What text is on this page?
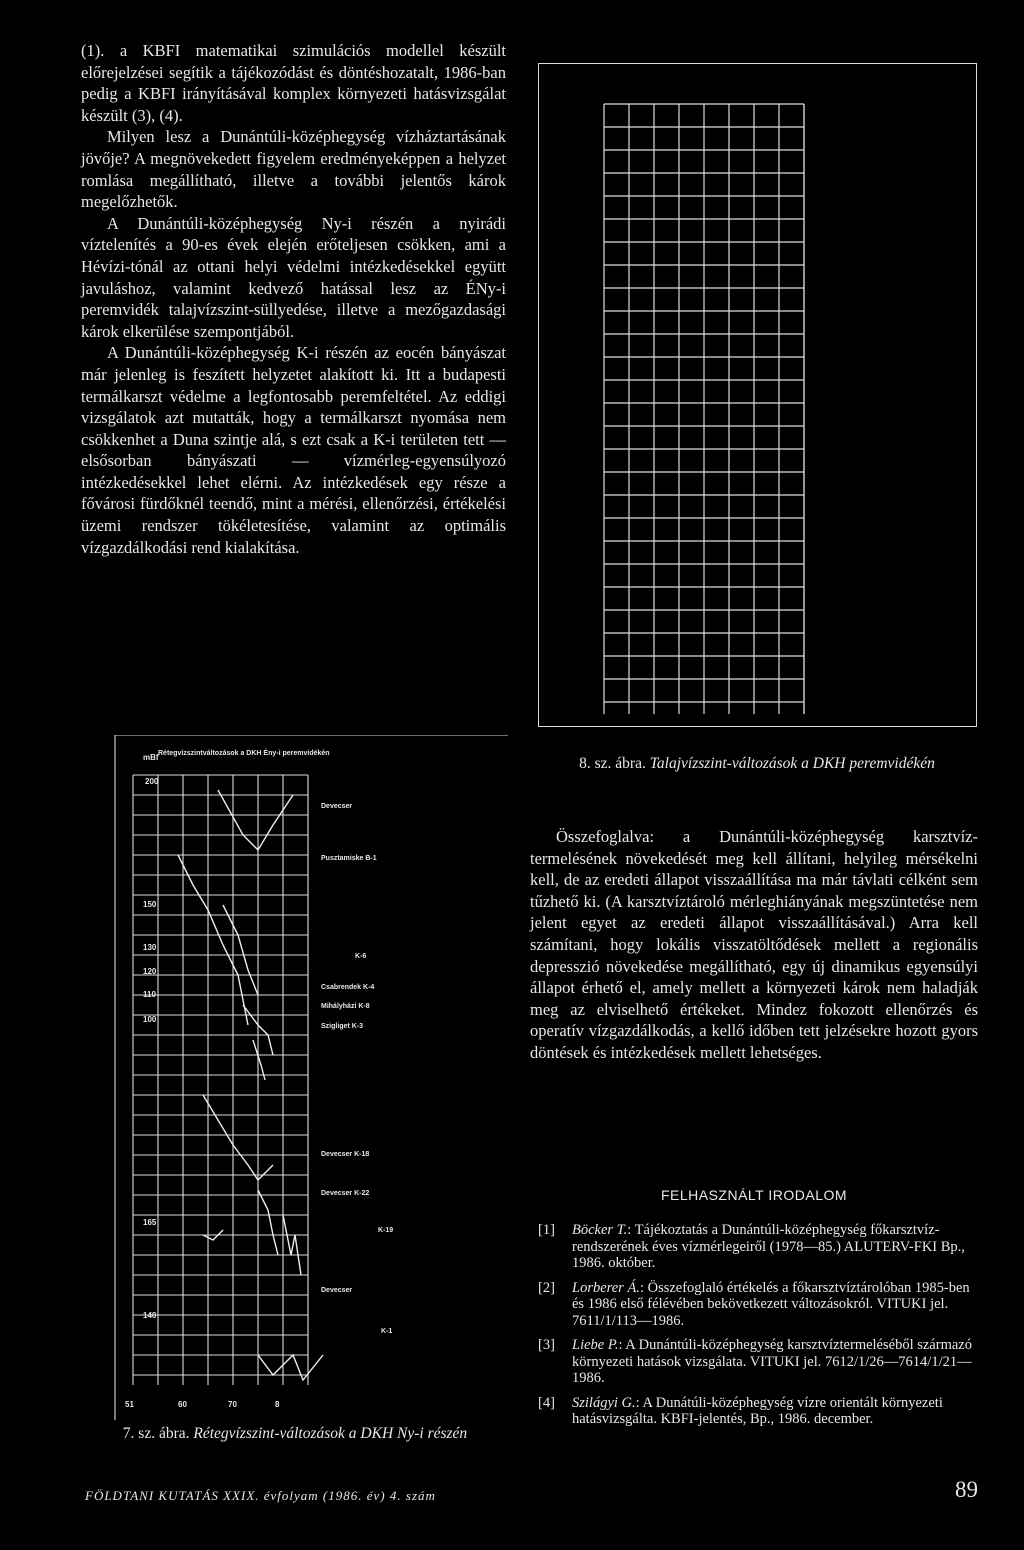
(1). a KBFI matematikai szimulációs modellel készült előrejelzései segítik a tájékozódást és döntéshozatalt, 1986-ban pedig a KBFI irányításával komplex környezeti hatásvizsgálat készült (3), (4).

Milyen lesz a Dunántúli-középhegység vízháztartásának jövője? A megnövekedett figyelem eredményeképpen a helyzet romlása megállítható, illetve a további jelentős károk megelőzhetők.

A Dunántúli-középhegység Ny-i részén a nyirádi víztelenítés a 90-es évek elején erőteljesen csökken, ami a Hévízi-tónál az ottani helyi védelmi intézkedésekkel együtt javuláshoz, valamint kedvező hatással lesz az ÉNy-i peremvidék talajvízszint-süllyedése, illetve a mezőgazdasági károk elkerülése szempontjából.

A Dunántúli-középhegység K-i részén az eocén bányászat már jelenleg is feszített helyzetet alakított ki. Itt a budapesti termálkarszt védelme a legfontosabb peremfeltétel. Az eddigi vizsgálatok azt mutatták, hogy a termálkarszt nyomása nem csökkenhet a Duna szintje alá, s ezt csak a K-i területen tett — elsősorban bányászati — vízmérleg-egyensúlyozó intézkedésekkel lehet elérni. Az intézkedések egy része a fővárosi fürdőknél teendő, mint a mérési, ellenőrzési, értékelési üzemi rendszer tökéletesítése, valamint az optimális vízgazdálkodási rend kialakítása.

8. sz. ábra. Talajvízszint-változások a DKH peremvidékén
mBf
200
Rétegvízszintváltozások a DKH Ény-i peremvidékén
150
130
120
110
100
165
140
51	60	70	8
Devecser
Pusztamiske B-1
K-6
Csabrendek K-4
Mihályházi K-8
Szigliget K-3
Devecser K-18
Devecser K-22
K-19
Devecser
K-1
7. sz. ábra. Rétegvízszint-változások a DKH Ny-i részén

Összefoglalva: a Dunántúli-középhegység karsztvíz-termelésének növekedését meg kell állítani, helyileg mérsékelni kell, de az eredeti állapot visszaállítása ma már távlati célként sem tűzhető ki. (A karsztvíztároló mérleghiányának megszüntetése nem jelent egyet az eredeti állapot visszaállításával.) Arra kell számítani, hogy lokális visszatöltődések mellett a regionális depresszió növekedése megállítható, egy új dinamikus egyensúlyi állapot érhető el, amely mellett a környezeti károk nem haladják meg az elviselhető értékeket. Mindez fokozott ellenőrzés és operatív vízgazdálkodás, a kellő időben tett jelzésekre hozott gyors döntések és intézkedések mellett lehetséges.

FELHASZNÁLT IRODALOM
[1] Böcker T.: Tájékoztatás a Dunántúli-középhegység főkarsztvíz-rendszerének éves vízmérlegeiről (1978—85.) ALUTERV-FKI Bp., 1986. október.
[2] Lorberer Á.: Összefoglaló értékelés a főkarsztvíztárolóban 1985-ben és 1986 első félévében bekövetkezett változásokról. VITUKI jel. 7611/1/113—1986.
[3] Liebe P.: A Dunántúli-középhegység karsztvíztermeléséből származó környezeti hatások vizsgálata. VITUKI jel. 7612/1/26—7614/1/21—1986.
[4] Szilágyi G.: A Dunátúli-középhegység vízre orientált környezeti hatásvizsgálta. KBFI-jelentés, Bp., 1986. december.
FÖLDTANI KUTATÁS XXIX. évfolyam (1986. év) 4. szám	89
